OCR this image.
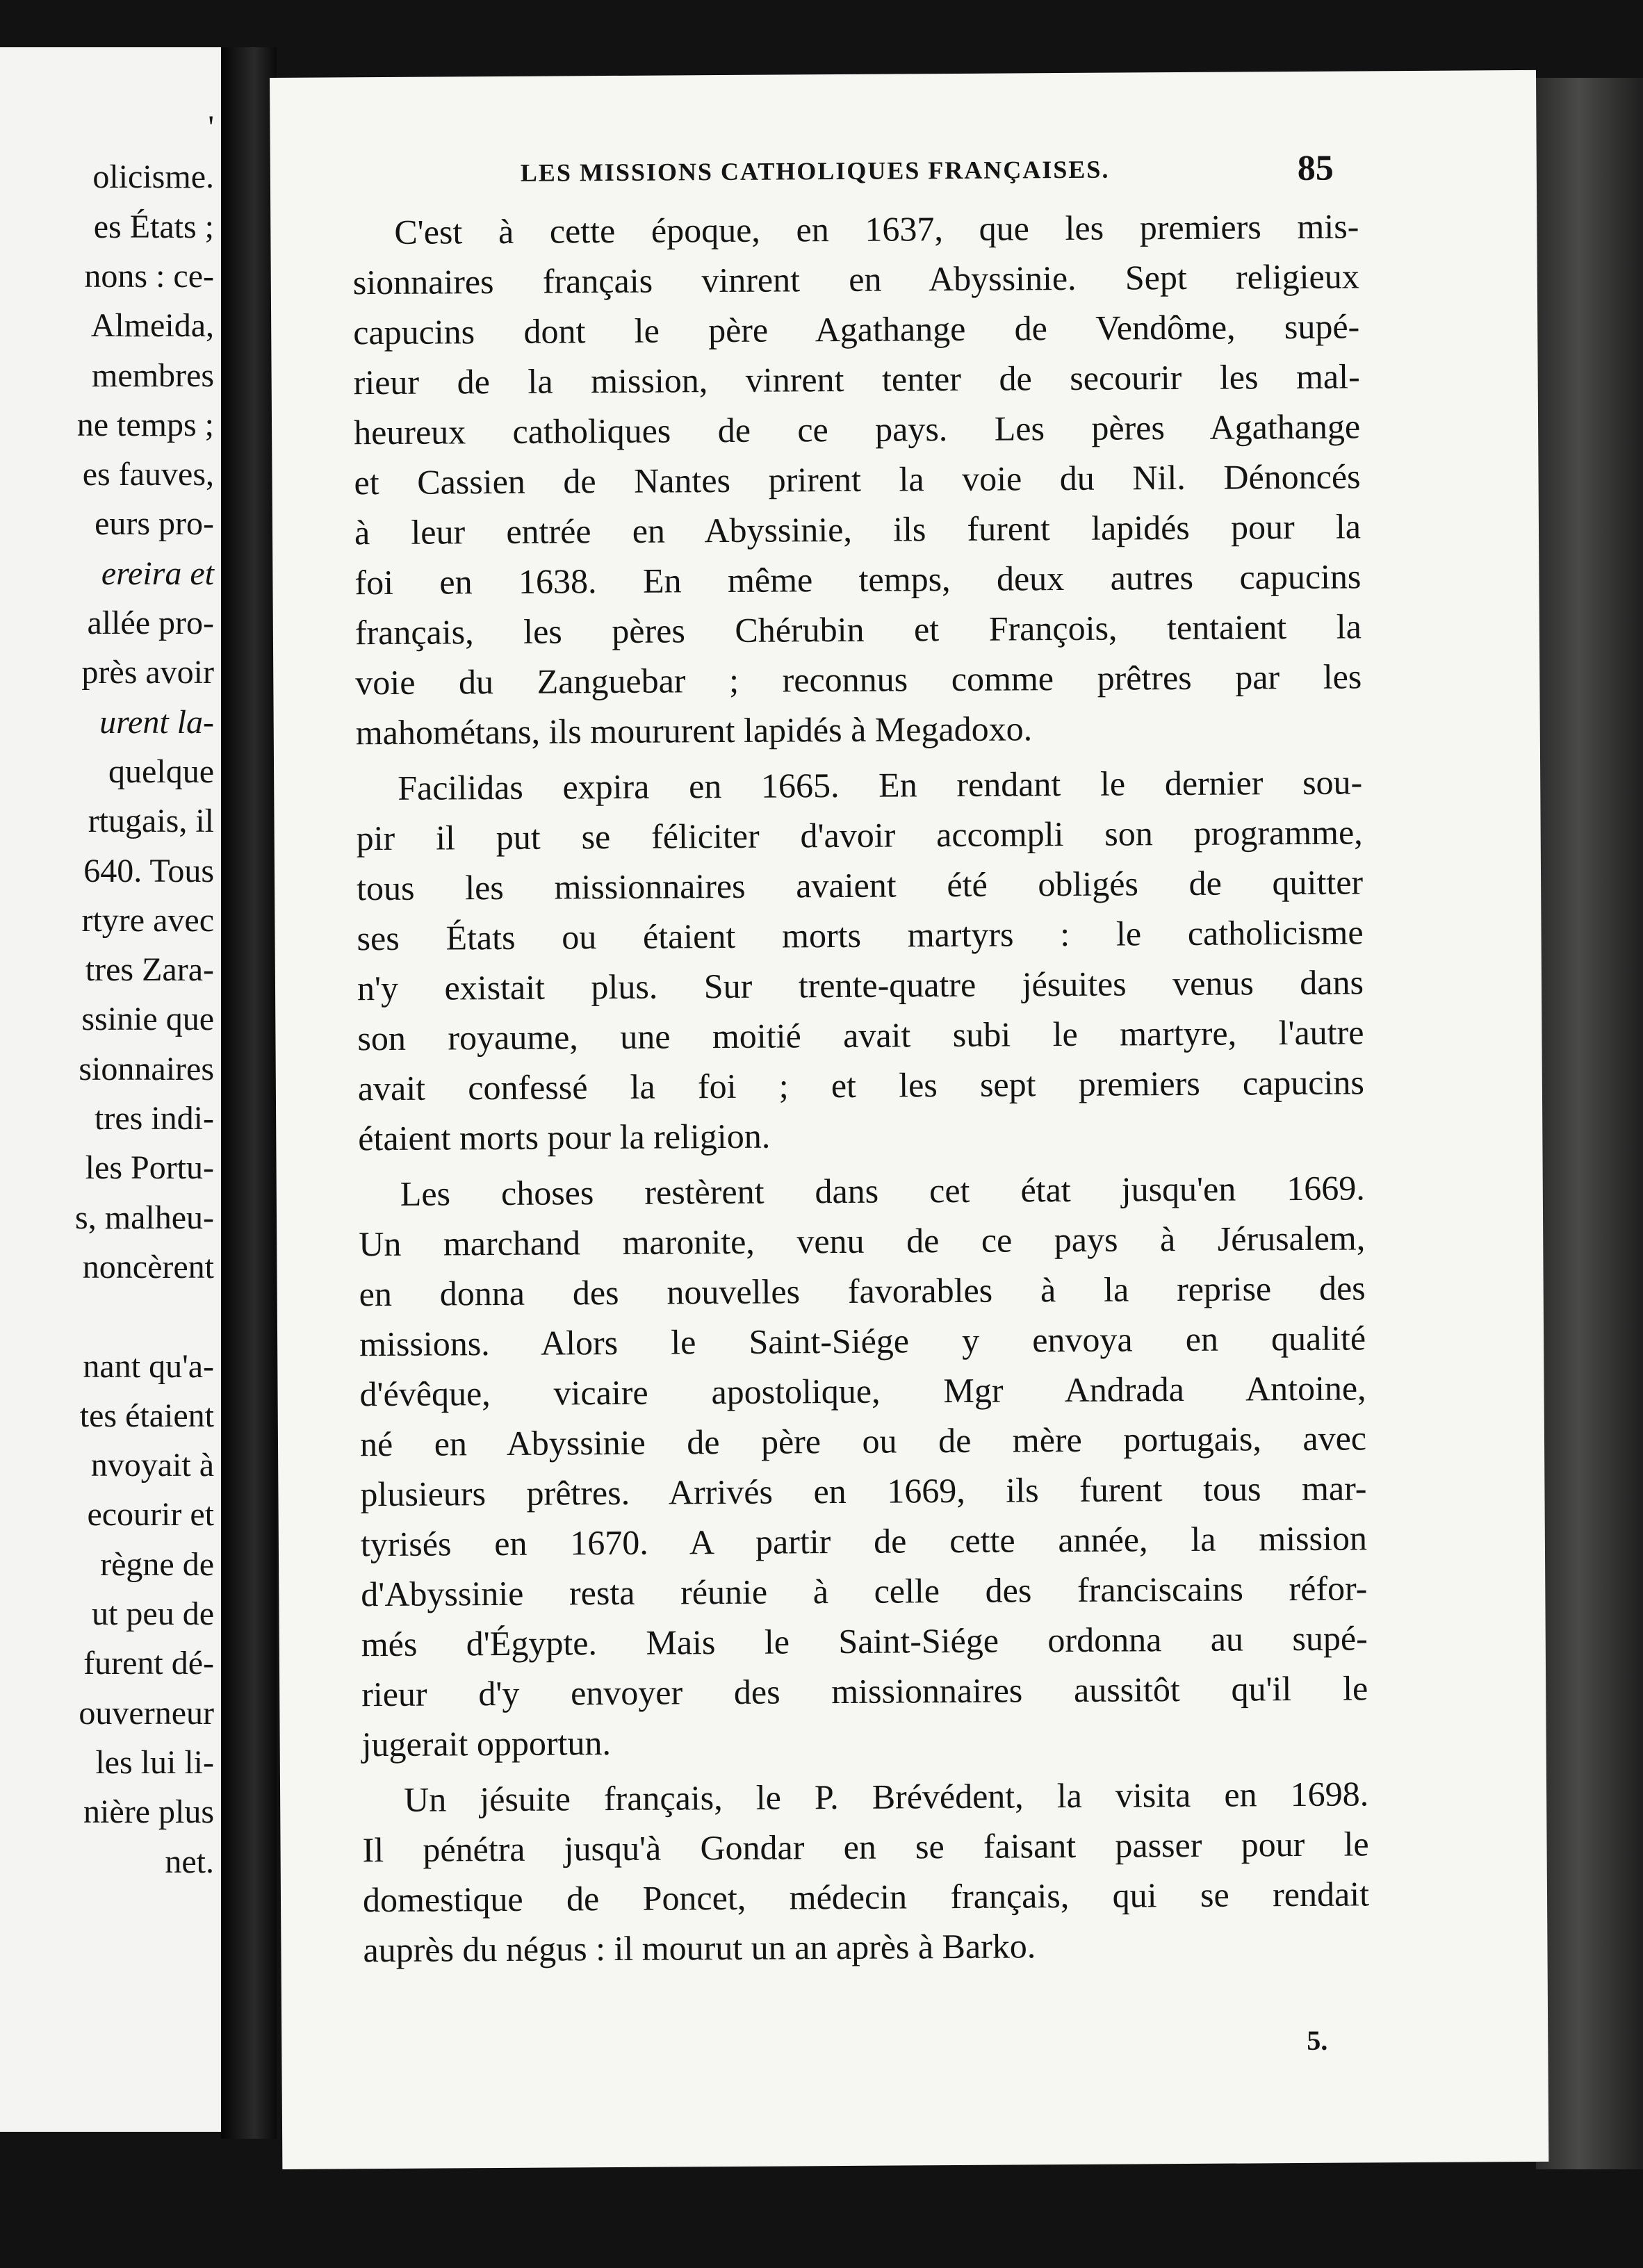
'
olicisme.
es États ;
nons : ce-
Almeida,
membres
ne temps ;
es fauves,
eurs pro-
ereira et
allée pro-
près avoir
urent la-
quelque
rtugais, il
640. Tous
rtyre avec
tres Zara-
ssinie que
sionnaires
tres indi-
les Portu-
s, malheu-
noncèrent
nant qu'a-
tes étaient
nvoyait à
ecourir et
règne de
ut peu de
furent dé-
ouverneur
les lui li-
nière plus
net.
LES MISSIONS CATHOLIQUES FRANÇAISES.	85
5.
C'est à cette époque, en 1637, que les premiers mis-
sionnaires français vinrent en Abyssinie. Sept religieux
capucins dont le père Agathange de Vendôme, supé-
rieur de la mission, vinrent tenter de secourir les mal-
heureux catholiques de ce pays. Les pères Agathange
et Cassien de Nantes prirent la voie du Nil. Dénoncés
à leur entrée en Abyssinie, ils furent lapidés pour la
foi en 1638. En même temps, deux autres capucins
français, les pères Chérubin et François, tentaient la
voie du Zanguebar ; reconnus comme prêtres par les
mahométans, ils moururent lapidés à Megadoxo.
Facilidas expira en 1665. En rendant le dernier sou-
pir il put se féliciter d'avoir accompli son programme,
tous les missionnaires avaient été obligés de quitter
ses États ou étaient morts martyrs : le catholicisme
n'y existait plus. Sur trente-quatre jésuites venus dans
son royaume, une moitié avait subi le martyre, l'autre
avait confessé la foi ; et les sept premiers capucins
étaient morts pour la religion.
Les choses restèrent dans cet état jusqu'en 1669.
Un marchand maronite, venu de ce pays à Jérusalem,
en donna des nouvelles favorables à la reprise des
missions. Alors le Saint-Siége y envoya en qualité
d'évêque, vicaire apostolique, Mgr Andrada Antoine,
né en Abyssinie de père ou de mère portugais, avec
plusieurs prêtres. Arrivés en 1669, ils furent tous mar-
tyrisés en 1670. A partir de cette année, la mission
d'Abyssinie resta réunie à celle des franciscains réfor-
més d'Égypte. Mais le Saint-Siége ordonna au supé-
rieur d'y envoyer des missionnaires aussitôt qu'il le
jugerait opportun.
Un jésuite français, le P. Brévédent, la visita en 1698.
Il pénétra jusqu'à Gondar en se faisant passer pour le
domestique de Poncet, médecin français, qui se rendait
auprès du négus : il mourut un an après à Barko.
